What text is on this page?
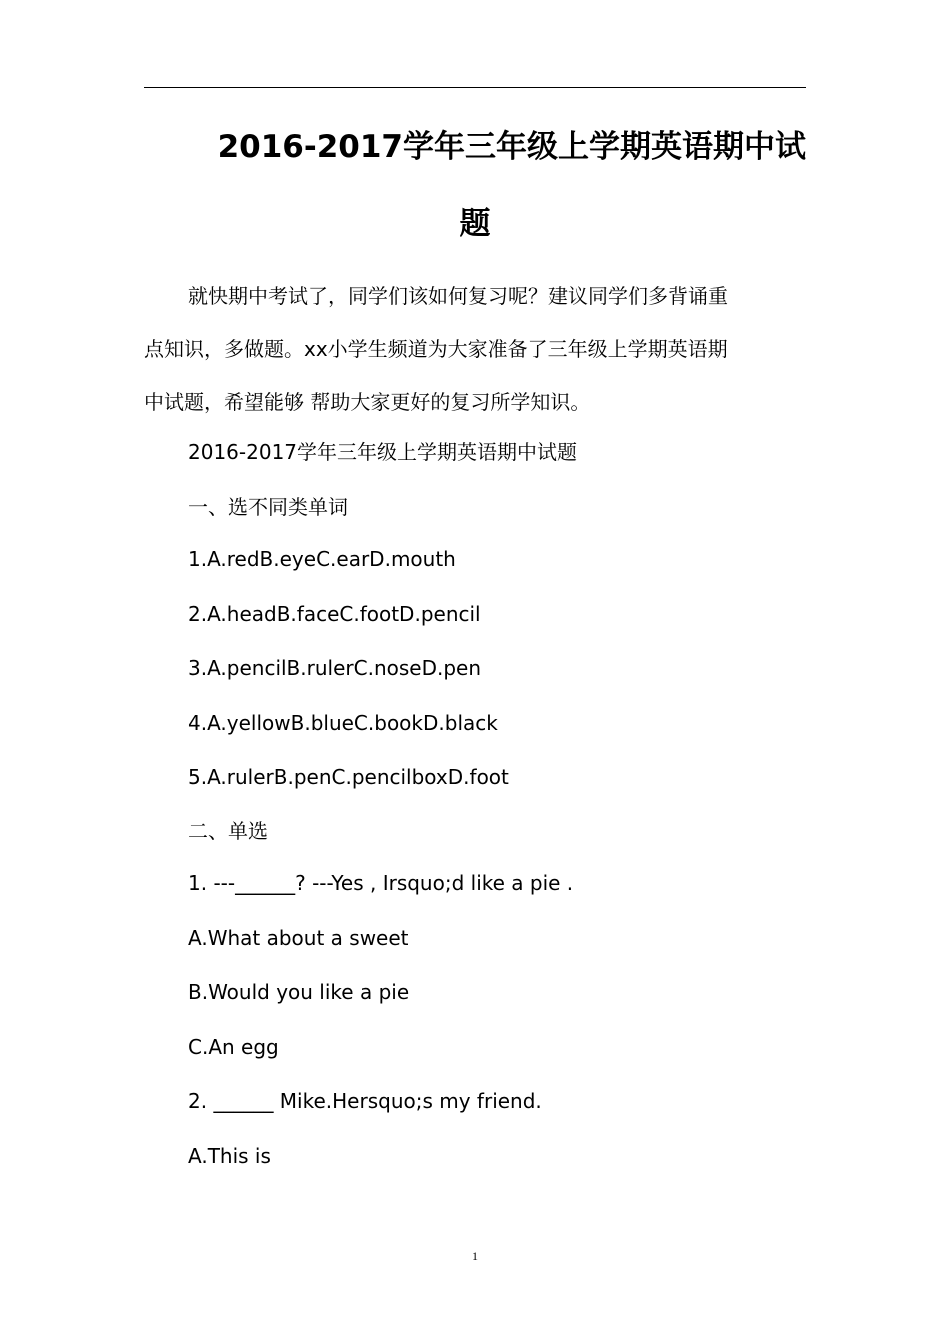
2016-2017学年三年级上学期英语期中试
题

就快期中考试了，同学们该如何复习呢？建议同学们多背诵重
点知识，多做题。xx小学生频道为大家准备了三年级上学期英语期
中试题，希望能够 帮助大家更好的复习所学知识。

2016-2017学年三年级上学期英语期中试题

一、选不同类单词

1.A.redB.eyeC.earD.mouth

2.A.headB.faceC.footD.pencil

3.A.pencilB.rulerC.noseD.pen

4.A.yellowB.blueC.bookD.black

5.A.rulerB.penC.pencilboxD.foot

二、单选

1. ---______? ---Yes , Irsquo;d like a pie .

A.What about a sweet

B.Would you like a pie

C.An egg

2. ______ Mike.Hersquo;s my friend.

A.This is

1
